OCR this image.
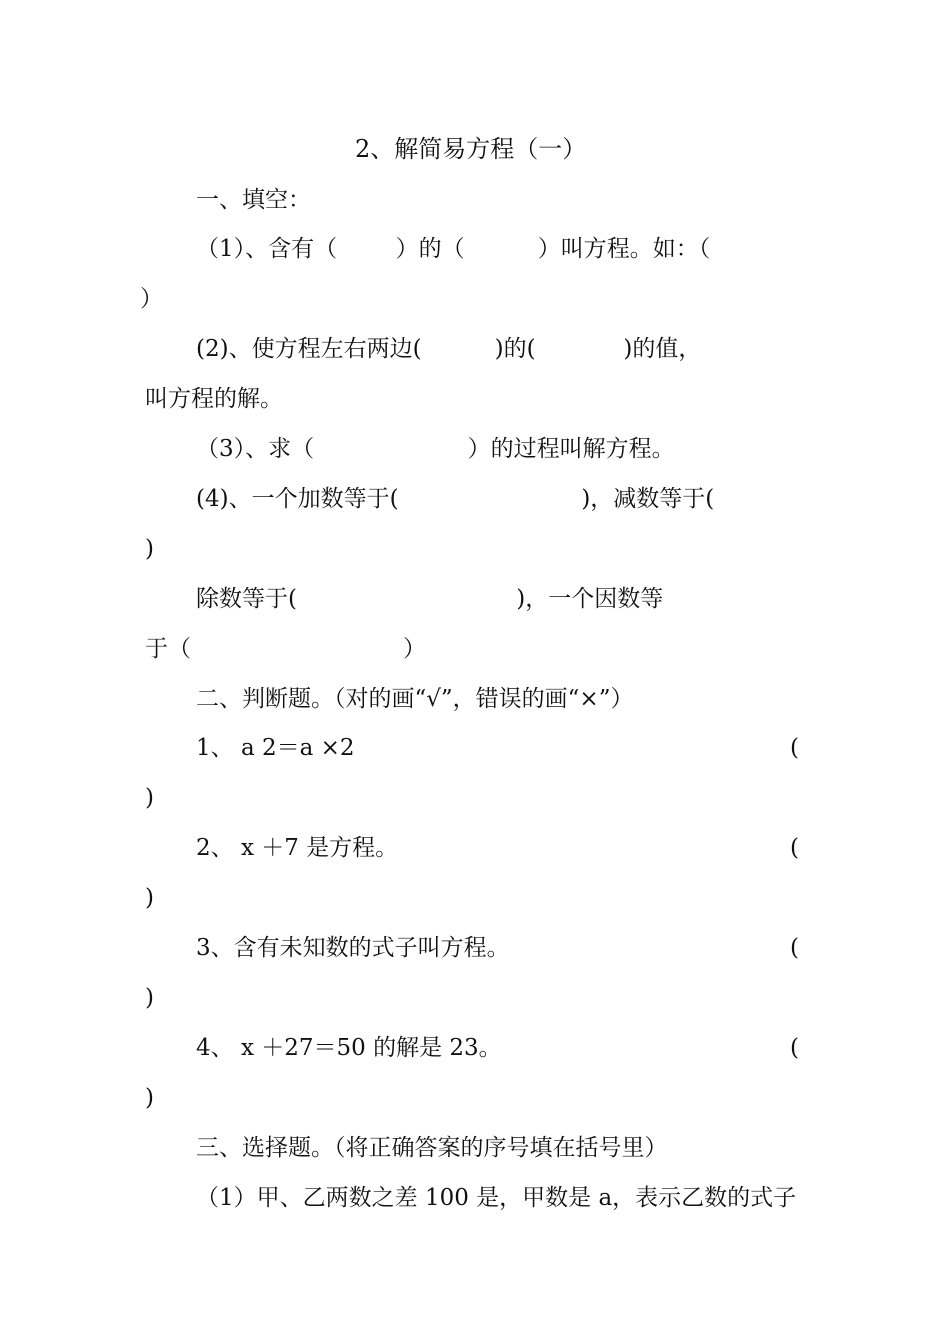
2、解简易方程（一）
一、填空：
（1）、含有（        ）的（          ）叫方程。如：（
）
(2)、使方程左右两边(          )的(            )的值，
叫方程的解。
（3）、求（                     ）的过程叫解方程。
(4)、一个加数等于(                         )，减数等于(
)
除数等于(                              )，一个因数等
于（                             ）
二、判断题。（对的画“√”，错误的画“×”）
1、 a 2＝a ×2	(
)
2、 x ＋7 是方程。	(
)
3、含有未知数的式子叫方程。	(
)
4、 x ＋27＝50 的解是 23。	(
)
三、选择题。（将正确答案的序号填在括号里）
（1）甲、乙两数之差 100 是，甲数是 a，表示乙数的式子
